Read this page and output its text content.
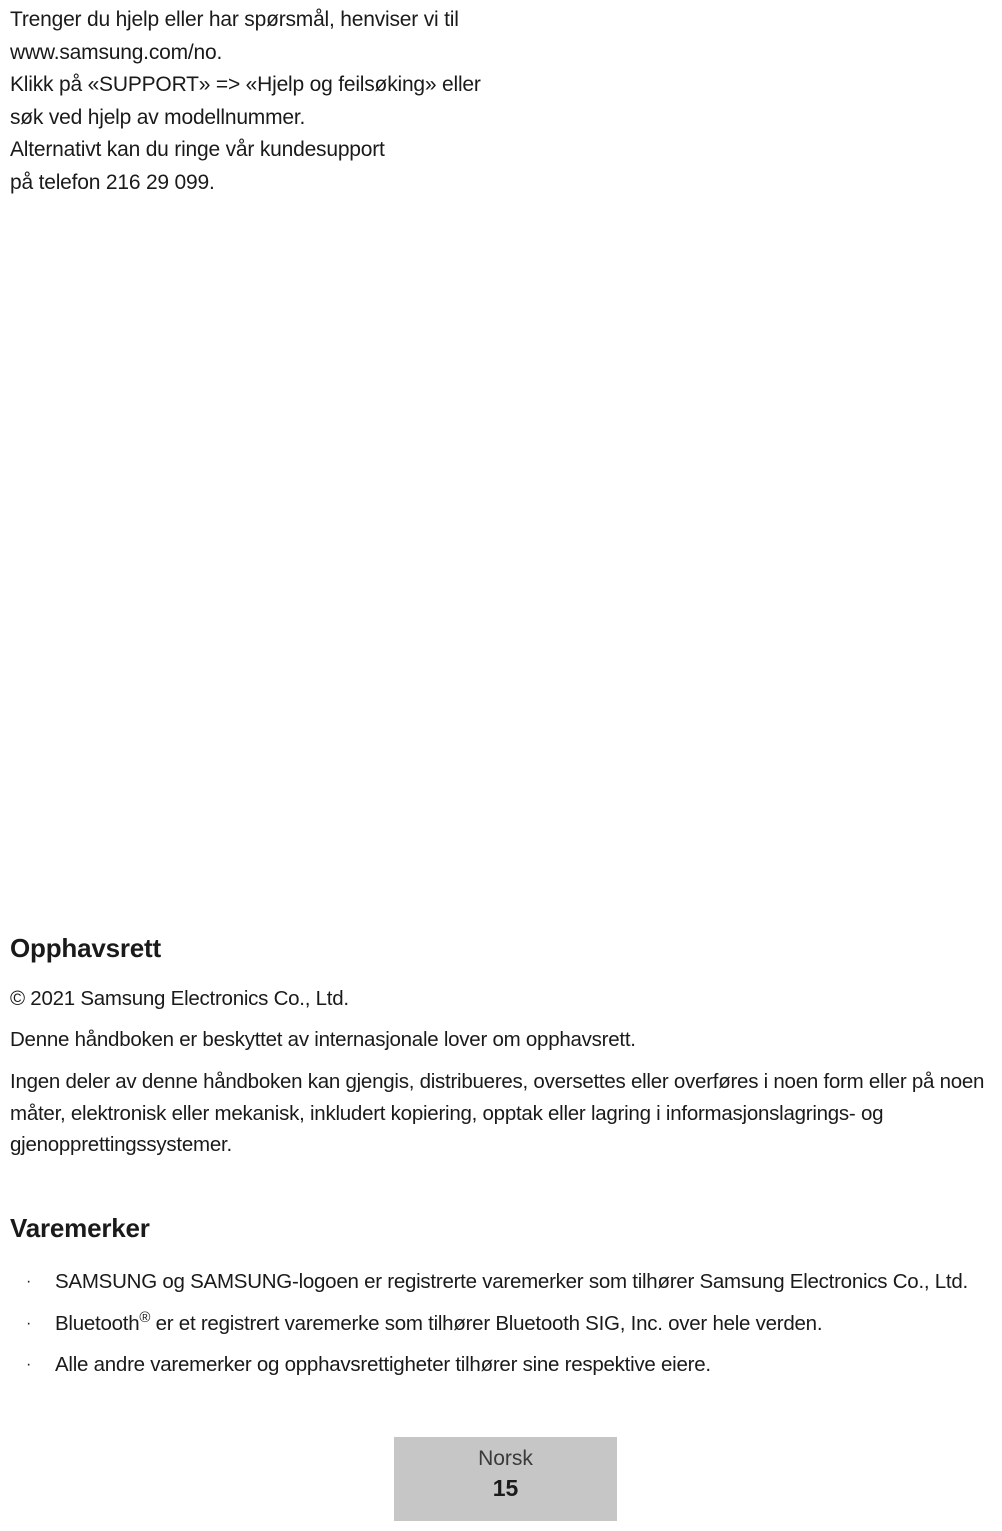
Trenger du hjelp eller har spørsmål, henviser vi til
www.samsung.com/no.
Klikk på «SUPPORT» => «Hjelp og feilsøking» eller
søk ved hjelp av modellnummer.
Alternativt kan du ringe vår kundesupport
på telefon 216 29 099.
Opphavsrett

© 2021 Samsung Electronics Co., Ltd.

Denne håndboken er beskyttet av internasjonale lover om opphavsrett.

Ingen deler av denne håndboken kan gjengis, distribueres, oversettes eller overføres i noen form eller på noen måter, elektronisk eller mekanisk, inkludert kopiering, opptak eller lagring i informasjonslagrings- og gjenopprettingssystemer.

Varemerker
· SAMSUNG og SAMSUNG-logoen er registrerte varemerker som tilhører Samsung Electronics Co., Ltd.
· Bluetooth® er et registrert varemerke som tilhører Bluetooth SIG, Inc. over hele verden.
· Alle andre varemerker og opphavsrettigheter tilhører sine respektive eiere.
Norsk
15
